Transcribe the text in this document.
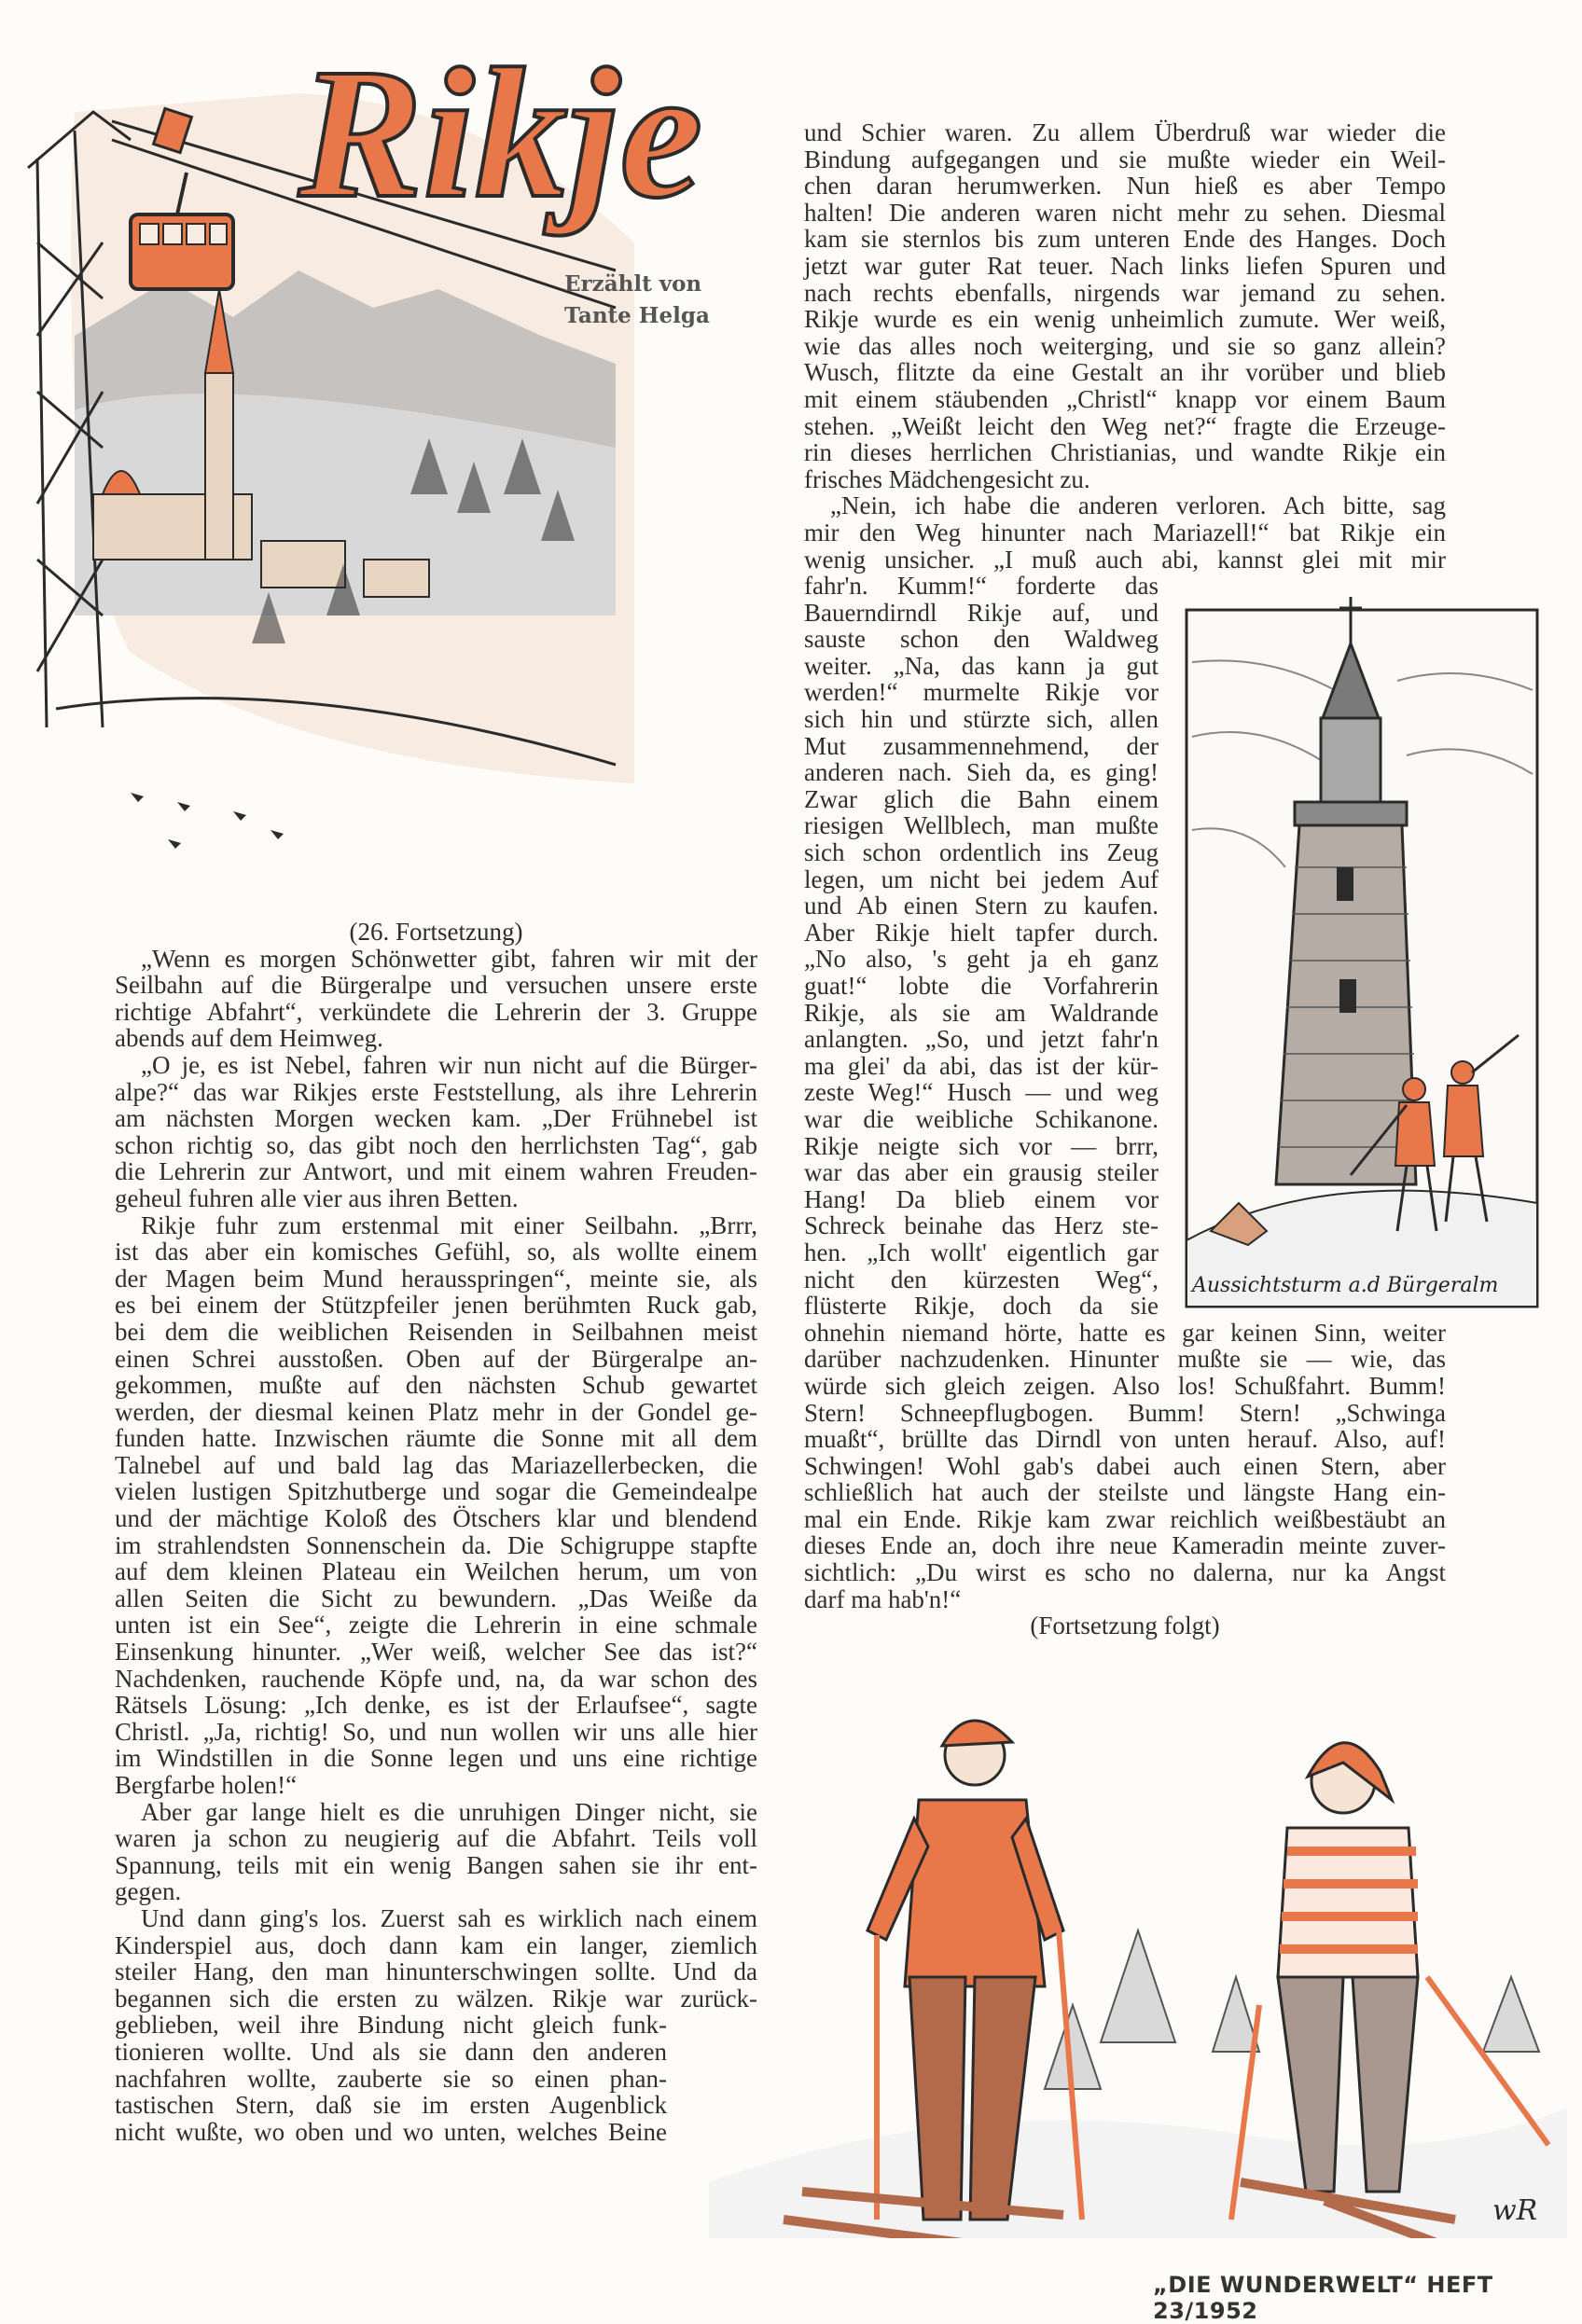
Rikje
Erzählt von
Tante Helga
Aussichtsturm a.d Bürgeralm
wR
(26. Fortsetzung)
„Wenn es morgen Schönwetter gibt, fahren wir mit der
Seilbahn auf die Bürgeralpe und versuchen unsere erste
richtige Abfahrt“, verkündete die Lehrerin der 3. Gruppe
abends auf dem Heimweg.
„O je, es ist Nebel, fahren wir nun nicht auf die Bürger-
alpe?“ das war Rikjes erste Feststellung, als ihre Lehrerin
am nächsten Morgen wecken kam. „Der Frühnebel ist
schon richtig so, das gibt noch den herrlichsten Tag“, gab
die Lehrerin zur Antwort, und mit einem wahren Freuden-
geheul fuhren alle vier aus ihren Betten.
Rikje fuhr zum erstenmal mit einer Seilbahn. „Brrr,
ist das aber ein komisches Gefühl, so, als wollte einem
der Magen beim Mund herausspringen“, meinte sie, als
es bei einem der Stützpfeiler jenen berühmten Ruck gab,
bei dem die weiblichen Reisenden in Seilbahnen meist
einen Schrei ausstoßen. Oben auf der Bürgeralpe an-
gekommen, mußte auf den nächsten Schub gewartet
werden, der diesmal keinen Platz mehr in der Gondel ge-
funden hatte. Inzwischen räumte die Sonne mit all dem
Talnebel auf und bald lag das Mariazellerbecken, die
vielen lustigen Spitzhutberge und sogar die Gemeindealpe
und der mächtige Koloß des Ötschers klar und blendend
im strahlendsten Sonnenschein da. Die Schigruppe stapfte
auf dem kleinen Plateau ein Weilchen herum, um von
allen Seiten die Sicht zu bewundern. „Das Weiße da
unten ist ein See“, zeigte die Lehrerin in eine schmale
Einsenkung hinunter. „Wer weiß, welcher See das ist?“
Nachdenken, rauchende Köpfe und, na, da war schon des
Rätsels Lösung: „Ich denke, es ist der Erlaufsee“, sagte
Christl. „Ja, richtig! So, und nun wollen wir uns alle hier
im Windstillen in die Sonne legen und uns eine richtige
Bergfarbe holen!“
Aber gar lange hielt es die unruhigen Dinger nicht, sie
waren ja schon zu neugierig auf die Abfahrt. Teils voll
Spannung, teils mit ein wenig Bangen sahen sie ihr ent-
gegen.
Und dann ging's los. Zuerst sah es wirklich nach einem
Kinderspiel aus, doch dann kam ein langer, ziemlich
steiler Hang, den man hinunterschwingen sollte. Und da
begannen sich die ersten zu wälzen. Rikje war zurück-
geblieben, weil ihre Bindung nicht gleich funk-
tionieren wollte. Und als sie dann den anderen
nachfahren wollte, zauberte sie so einen phan-
tastischen Stern, daß sie im ersten Augenblick
nicht wußte, wo oben und wo unten, welches Beine
und Schier waren. Zu allem Überdruß war wieder die
Bindung aufgegangen und sie mußte wieder ein Weil-
chen daran herumwerken. Nun hieß es aber Tempo
halten! Die anderen waren nicht mehr zu sehen. Diesmal
kam sie sternlos bis zum unteren Ende des Hanges. Doch
jetzt war guter Rat teuer. Nach links liefen Spuren und
nach rechts ebenfalls, nirgends war jemand zu sehen.
Rikje wurde es ein wenig unheimlich zumute. Wer weiß,
wie das alles noch weiterging, und sie so ganz allein?
Wusch, flitzte da eine Gestalt an ihr vorüber und blieb
mit einem stäubenden „Christl“ knapp vor einem Baum
stehen. „Weißt leicht den Weg net?“ fragte die Erzeuge-
rin dieses herrlichen Christianias, und wandte Rikje ein
frisches Mädchengesicht zu.
„Nein, ich habe die anderen verloren. Ach bitte, sag
mir den Weg hinunter nach Mariazell!“ bat Rikje ein
wenig unsicher. „I muß auch abi, kannst glei mit mir
fahr'n. Kumm!“ forderte das
Bauerndirndl Rikje auf, und
sauste schon den Waldweg
weiter. „Na, das kann ja gut
werden!“ murmelte Rikje vor
sich hin und stürzte sich, allen
Mut zusammennehmend, der
anderen nach. Sieh da, es ging!
Zwar glich die Bahn einem
riesigen Wellblech, man mußte
sich schon ordentlich ins Zeug
legen, um nicht bei jedem Auf
und Ab einen Stern zu kaufen.
Aber Rikje hielt tapfer durch.
„No also, 's geht ja eh ganz
guat!“ lobte die Vorfahrerin
Rikje, als sie am Waldrande
anlangten. „So, und jetzt fahr'n
ma glei' da abi, das ist der kür-
zeste Weg!“ Husch — und weg
war die weibliche Schikanone.
Rikje neigte sich vor — brrr,
war das aber ein grausig steiler
Hang! Da blieb einem vor
Schreck beinahe das Herz ste-
hen. „Ich wollt' eigentlich gar
nicht den kürzesten Weg“,
flüsterte Rikje, doch da sie
ohnehin niemand hörte, hatte es gar keinen Sinn, weiter
darüber nachzudenken. Hinunter mußte sie — wie, das
würde sich gleich zeigen. Also los! Schußfahrt. Bumm!
Stern! Schneepflugbogen. Bumm! Stern! „Schwinga
muaßt“, brüllte das Dirndl von unten herauf. Also, auf!
Schwingen! Wohl gab's dabei auch einen Stern, aber
schließlich hat auch der steilste und längste Hang ein-
mal ein Ende. Rikje kam zwar reichlich weißbestäubt an
dieses Ende an, doch ihre neue Kameradin meinte zuver-
sichtlich: „Du wirst es scho no dalerna, nur ka Angst
darf ma hab'n!“
(Fortsetzung folgt)
„DIE WUNDERWELT“ HEFT 23/1952
